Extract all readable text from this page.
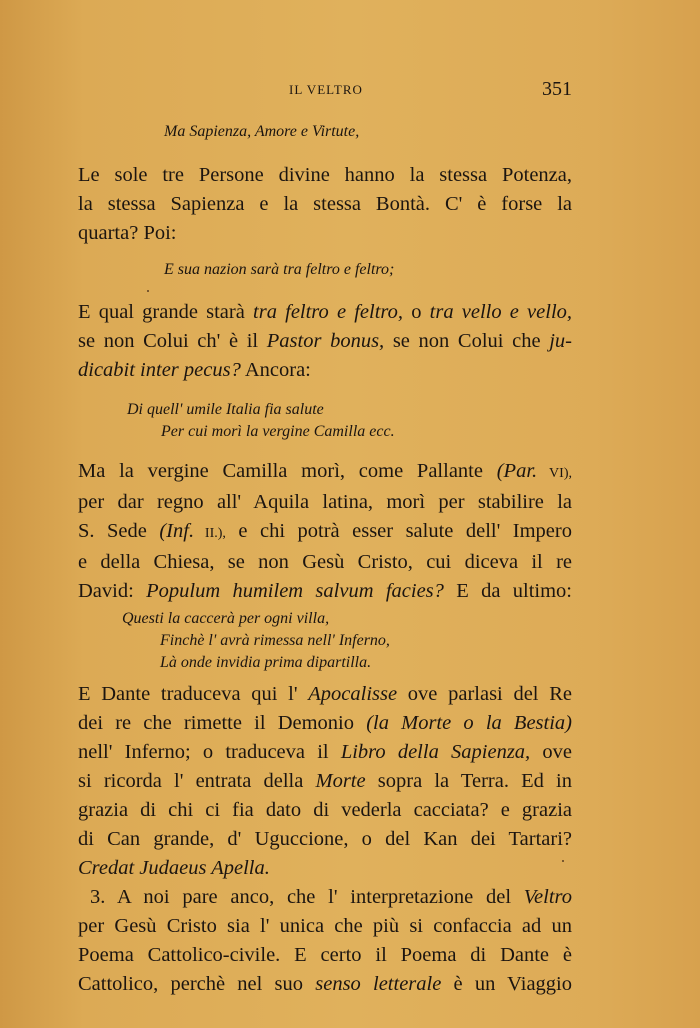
IL VELTRO	351
Ma Sapienza, Amore e Virtute,
Le sole tre Persone divine hanno la stessa Potenza,
la stessa Sapienza e la stessa Bontà. C' è forse la
quarta? Poi:
E sua nazion sarà tra feltro e feltro;
E qual grande starà tra feltro e feltro, o tra vello e vello,
se non Colui ch' è il Pastor bonus, se non Colui che ju-
dicabit inter pecus? Ancora:
Di quell' umile Italia fia salute
Per cui morì la vergine Camilla ecc.
Ma la vergine Camilla morì, come Pallante (Par. VI),
per dar regno all' Aquila latina, morì per stabilire la
S. Sede (Inf. II.), e chi potrà esser salute dell' Impero
e della Chiesa, se non Gesù Cristo, cui diceva il re
David: Populum humilem salvum facies? E da ultimo:
Questi la caccerà per ogni villa,
Finchè l' avrà rimessa nell' Inferno,
Là onde invidia prima dipartilla.
E Dante traduceva qui l' Apocalisse ove parlasi del Re
dei re che rimette il Demonio (la Morte o la Bestia)
nell' Inferno; o traduceva il Libro della Sapienza, ove
si ricorda l' entrata della Morte sopra la Terra. Ed in
grazia di chi ci fia dato di vederla cacciata? e grazia
di Can grande, d' Uguccione, o del Kan dei Tartari?
Credat Judaeus Apella.
3. A noi pare anco, che l' interpretazione del Veltro
per Gesù Cristo sia l' unica che più si confaccia ad un
Poema Cattolico-civile. E certo il Poema di Dante è
Cattolico, perchè nel suo senso letterale è un Viaggio
